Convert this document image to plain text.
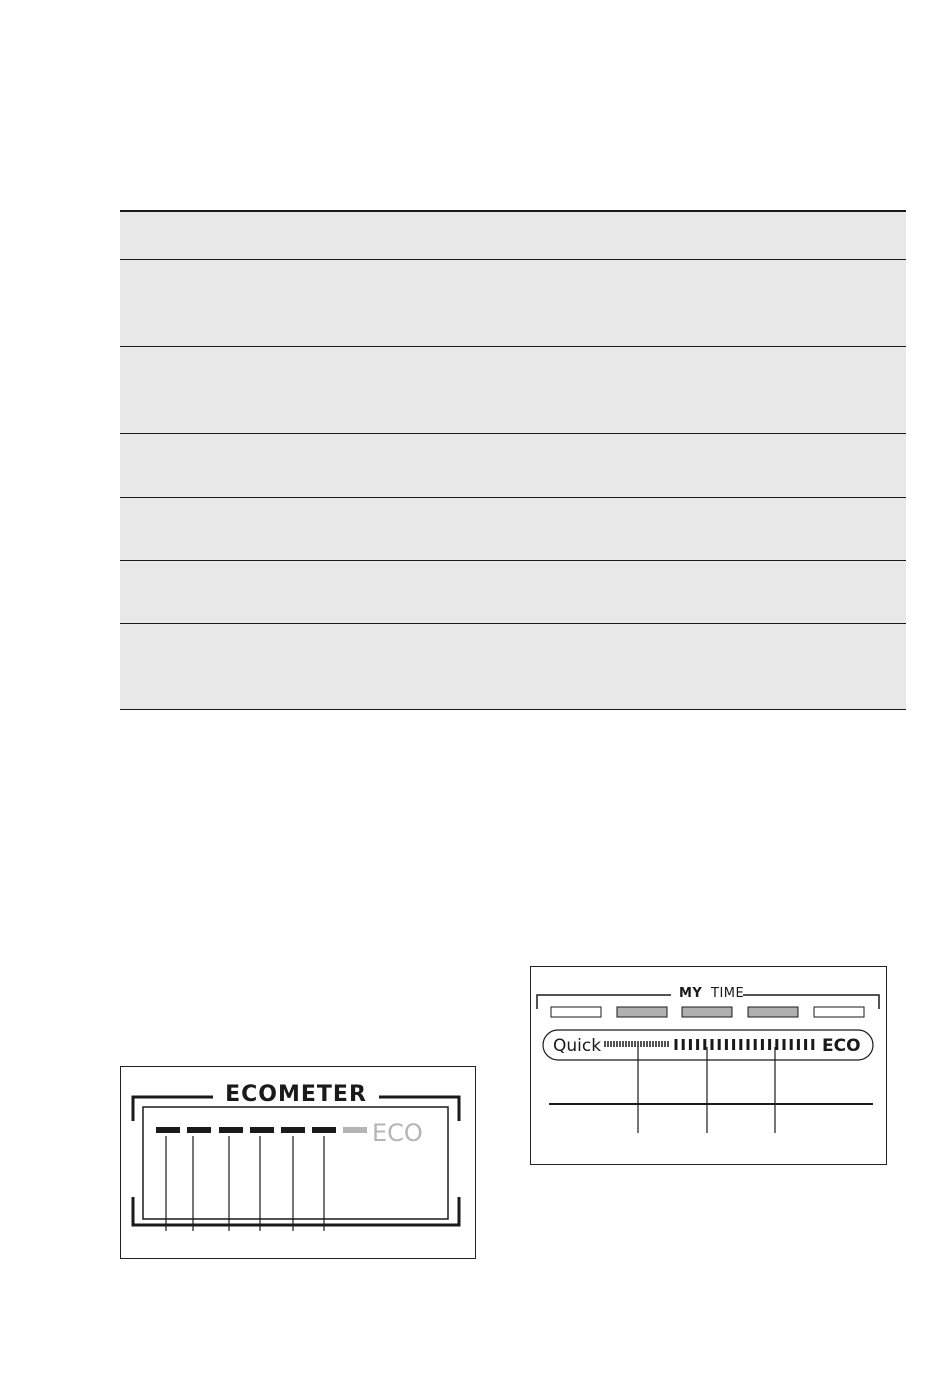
ECOMETER
ECO
MY TIME
Quick	ECO
